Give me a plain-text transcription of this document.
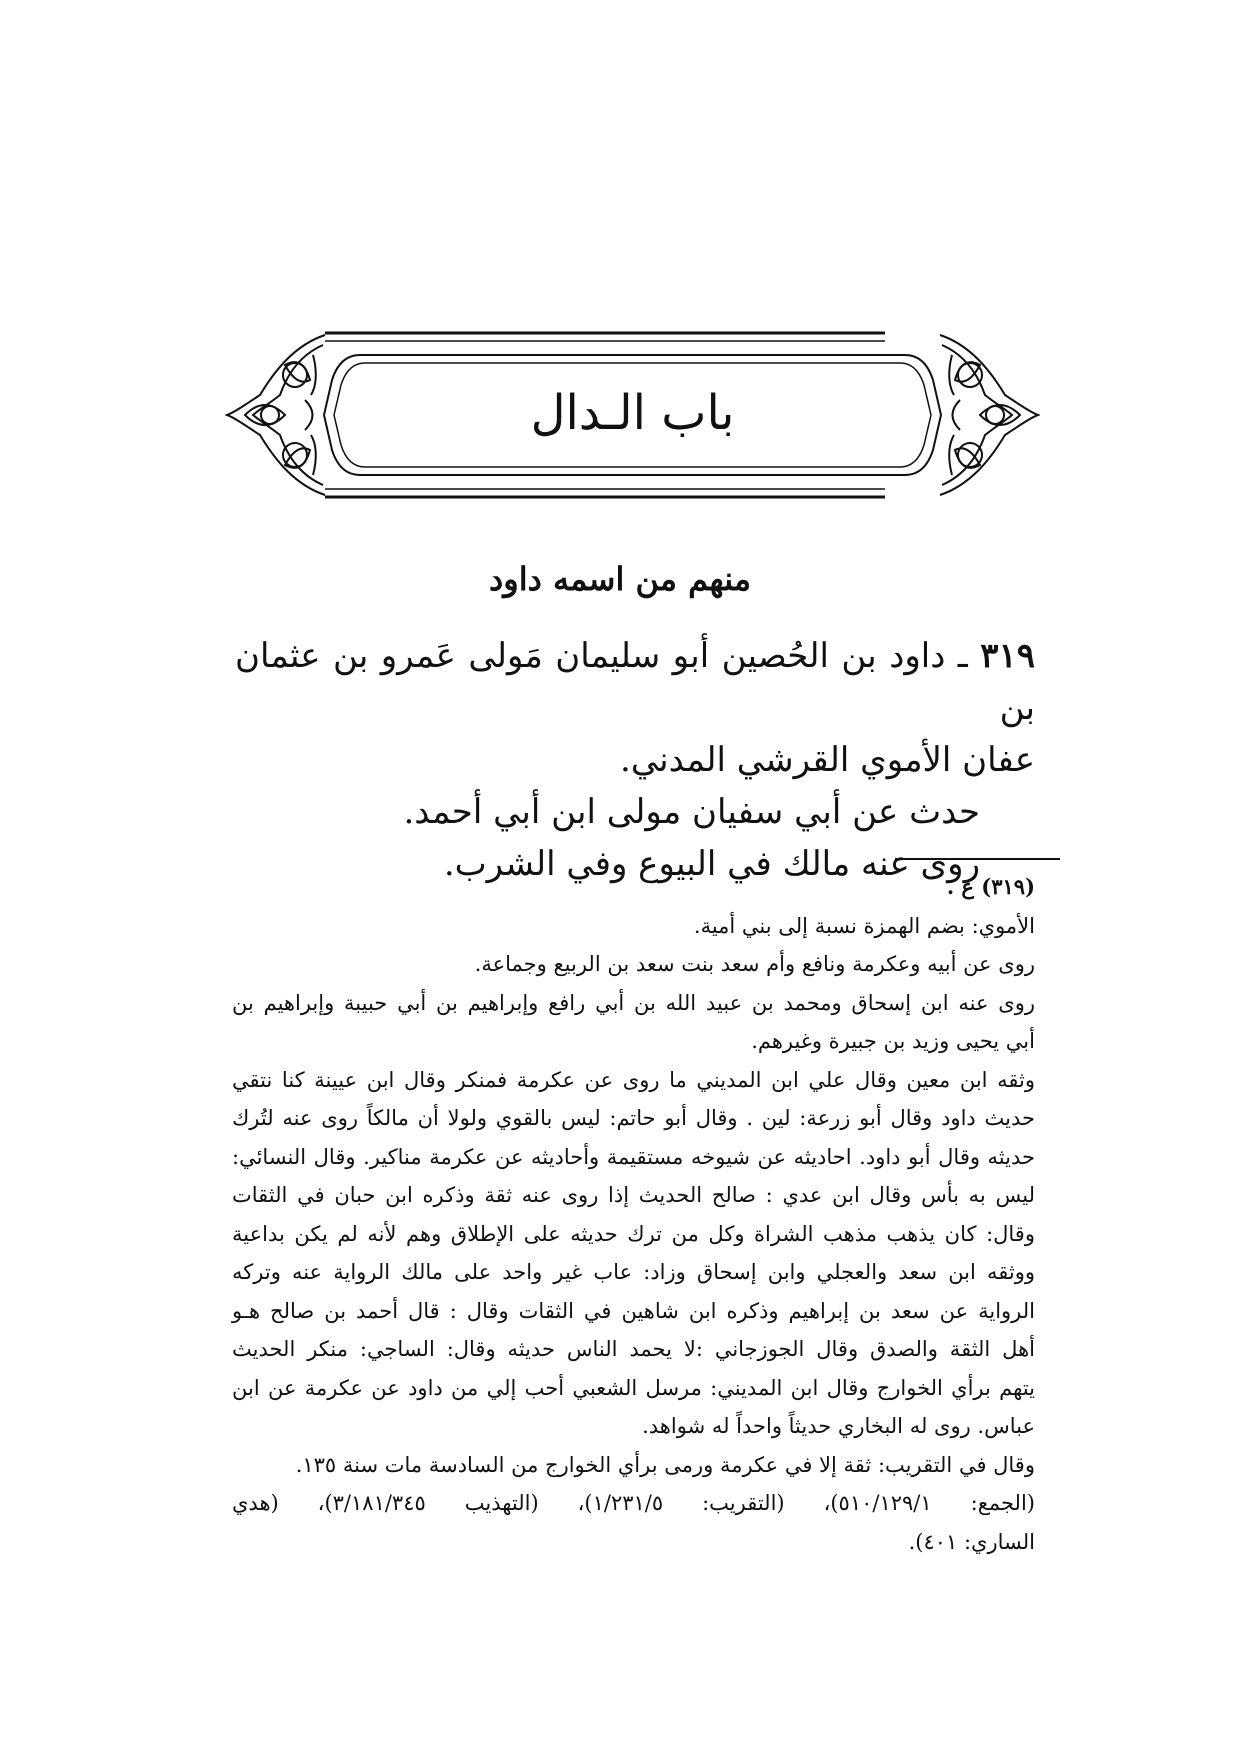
باب الـدال
منهم من اسمه داود

٣١٩ ـ داود بن الحُصين أبو سليمان مَولى عَمرو بن عثمان بن

عفان الأموي القرشي المدني.

حدث عن أبي سفيان مولى ابن أبي أحمد.

روى عنه مالك في البيوع وفي الشرب.

(٣١٩) ع .

الأموي: بضم الهمزة نسبة إلى بني أمية.

روى عن أبيه وعكرمة ونافع وأم سعد بنت سعد بن الربيع وجماعة.

روى عنه ابن إسحاق ومحمد بن عبيد الله بن أبي رافع وإبراهيم بن أبي حبيبة وإبراهيم بن

أبي يحيى وزيد بن جبيرة وغيرهم.

وثقه ابن معين وقال علي ابن المديني ما روى عن عكرمة فمنكر وقال ابن عيينة كنا نتقي

حديث داود وقال أبو زرعة: لين . وقال أبو حاتم: ليس بالقوي ولولا أن مالكاً روى عنه لتُرك

حديثه وقال أبو داود. احاديثه عن شيوخه مستقيمة وأحاديثه عن عكرمة مناكير. وقال النسائي:

ليس به بأس وقال ابن عدي : صالح الحديث إذا روى عنه ثقة وذكره ابن حبان في الثقات

وقال: كان يذهب مذهب الشراة وكل من ترك حديثه على الإطلاق وهم لأنه لم يكن بداعية

ووثقه ابن سعد والعجلي وابن إسحاق وزاد: عاب غير واحد على مالك الرواية عنه وتركه

الرواية عن سعد بن إبراهيم وذكره ابن شاهين في الثقات وقال : قال أحمد بن صالح هـو

أهل الثقة والصدق وقال الجوزجاني :لا يحمد الناس حديثه وقال: الساجي: منكر الحديث

يتهم برأي الخوارج وقال ابن المديني: مرسل الشعبي أحب إلي من داود عن عكرمة عن ابن

عباس. روى له البخاري حديثاً واحداً له شواهد.

وقال في التقريب: ثقة إلا في عكرمة ورمى برأي الخوارج من السادسة مات سنة ١٣٥.

(الجمع: ٥١٠/١٢٩/١)، (التقريب: ١/٢٣١/٥)، (التهذيب ٣/١٨١/٣٤٥)، (هدي

الساري: ٤٠١).
